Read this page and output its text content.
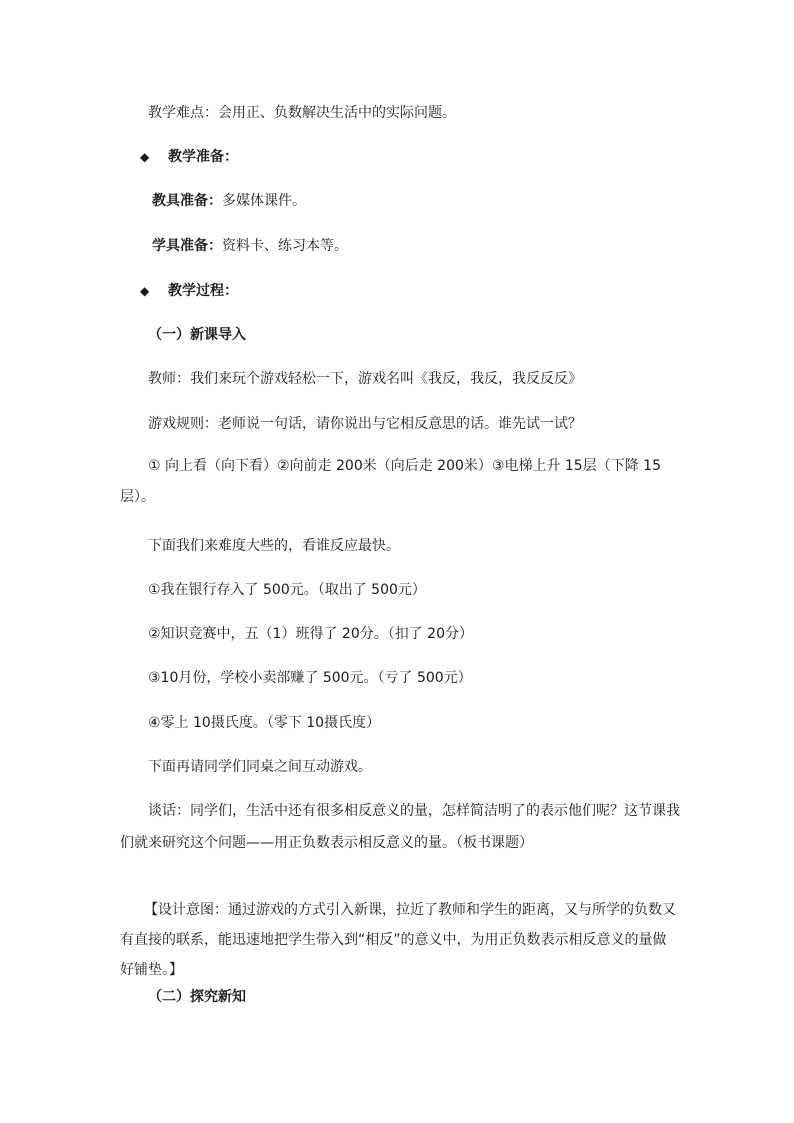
教学难点：会用正、负数解决生活中的实际问题。
◆ 教学准备：
教具准备：多媒体课件。
学具准备：资料卡、练习本等。
◆ 教学过程：
（一）新课导入
教师：我们来玩个游戏轻松一下，游戏名叫《我反，我反，我反反反》
游戏规则：老师说一句话，请你说出与它相反意思的话。谁先试一试？
① 向上看（向下看）②向前走 200米（向后走 200米）③电梯上升 15层（下降 15层）。
下面我们来难度大些的，看谁反应最快。
①我在银行存入了 500元。（取出了 500元）
②知识竞赛中，五（1）班得了 20分。（扣了 20分）
③10月份，学校小卖部赚了 500元。（亏了 500元）
④零上 10摄氏度。（零下 10摄氏度）
下面再请同学们同桌之间互动游戏。
谈话：同学们，生活中还有很多相反意义的量，怎样简洁明了的表示他们呢？这节课我们就来研究这个问题——用正负数表示相反意义的量。（板书课题）
【设计意图：通过游戏的方式引入新课，拉近了教师和学生的距离，又与所学的负数又有直接的联系，能迅速地把学生带入到“相反”的意义中，为用正负数表示相反意义的量做好铺垫。】
（二）探究新知
